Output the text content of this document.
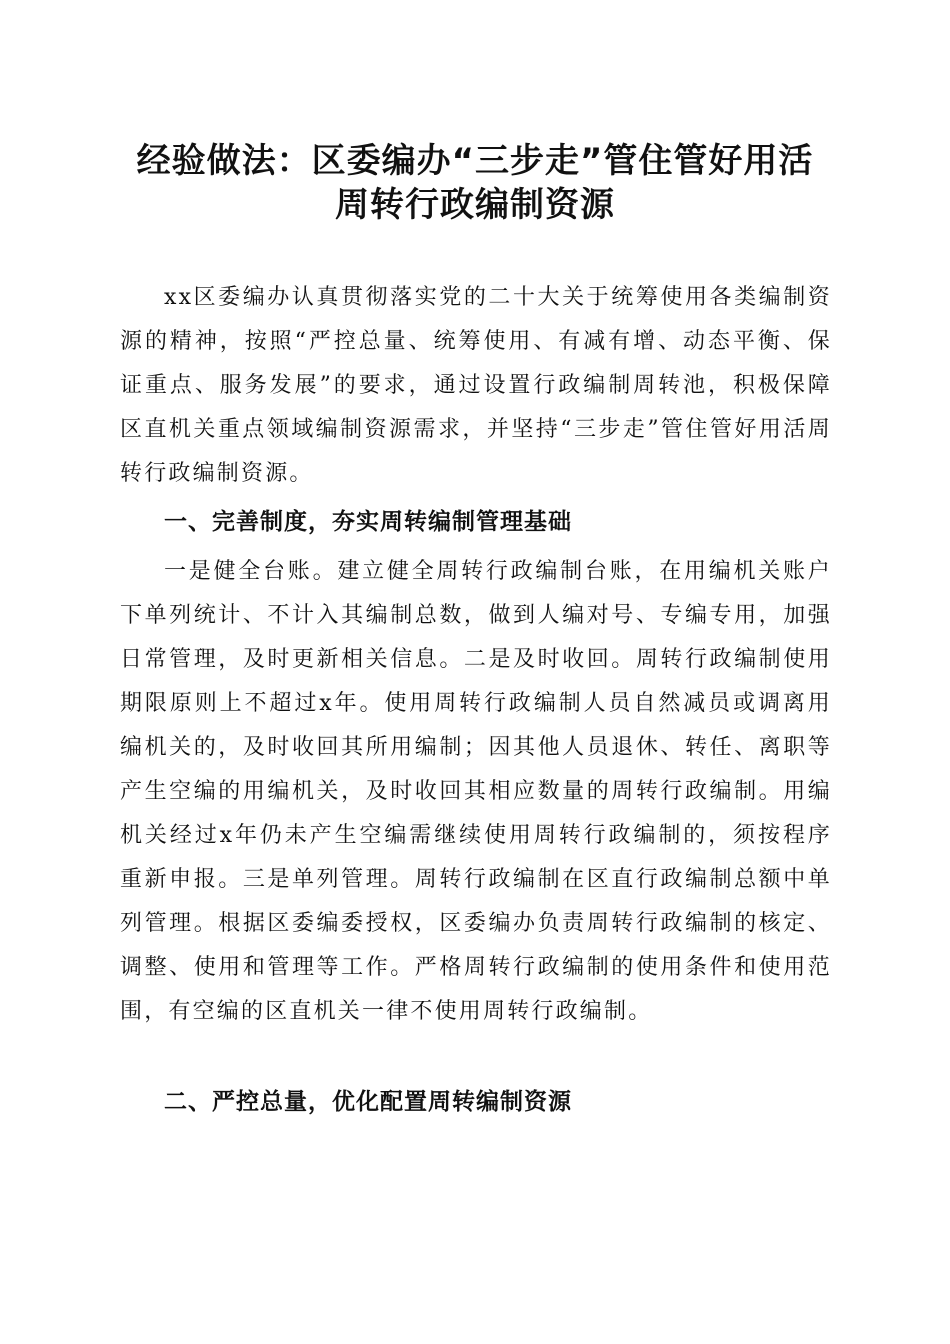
经验做法：区委编办“三步走”管住管好用活
周转行政编制资源

xx区委编办认真贯彻落实党的二十大关于统筹使用各类编制资源的精神，按照“严控总量、统筹使用、有减有增、动态平衡、保证重点、服务发展”的要求，通过设置行政编制周转池，积极保障区直机关重点领域编制资源需求，并坚持“三步走”管住管好用活周转行政编制资源。

一、完善制度，夯实周转编制管理基础

一是健全台账。建立健全周转行政编制台账，在用编机关账户下单列统计、不计入其编制总数，做到人编对号、专编专用，加强日常管理，及时更新相关信息。二是及时收回。周转行政编制使用期限原则上不超过x年。使用周转行政编制人员自然减员或调离用编机关的，及时收回其所用编制；因其他人员退休、转任、离职等产生空编的用编机关，及时收回其相应数量的周转行政编制。用编机关经过x年仍未产生空编需继续使用周转行政编制的，须按程序重新申报。三是单列管理。周转行政编制在区直行政编制总额中单列管理。根据区委编委授权，区委编办负责周转行政编制的核定、调整、使用和管理等工作。严格周转行政编制的使用条件和使用范围，有空编的区直机关一律不使用周转行政编制。

二、严控总量，优化配置周转编制资源
